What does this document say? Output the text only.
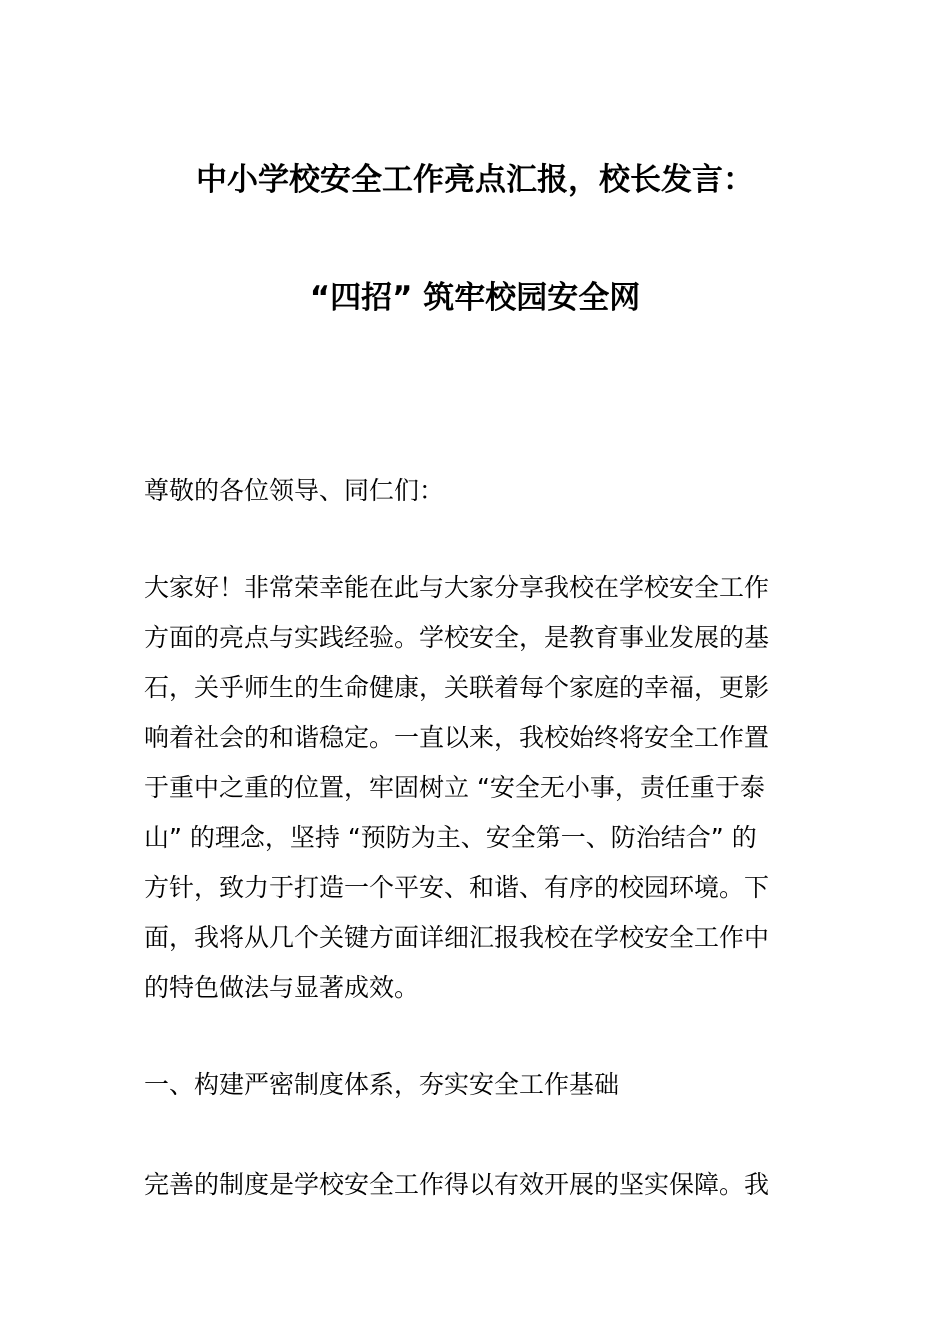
中小学校安全工作亮点汇报，校长发言：
“四招” 筑牢校园安全网
尊敬的各位领导、同仁们：
大家好！非常荣幸能在此与大家分享我校在学校安全工作
方面的亮点与实践经验。学校安全，是教育事业发展的基
石，关乎师生的生命健康，关联着每个家庭的幸福，更影
响着社会的和谐稳定。一直以来，我校始终将安全工作置
于重中之重的位置，牢固树立 “安全无小事，责任重于泰
山” 的理念，坚持 “预防为主、安全第一、防治结合” 的
方针，致力于打造一个平安、和谐、有序的校园环境。下
面，我将从几个关键方面详细汇报我校在学校安全工作中
的特色做法与显著成效。
一、构建严密制度体系，夯实安全工作基础
完善的制度是学校安全工作得以有效开展的坚实保障。我
